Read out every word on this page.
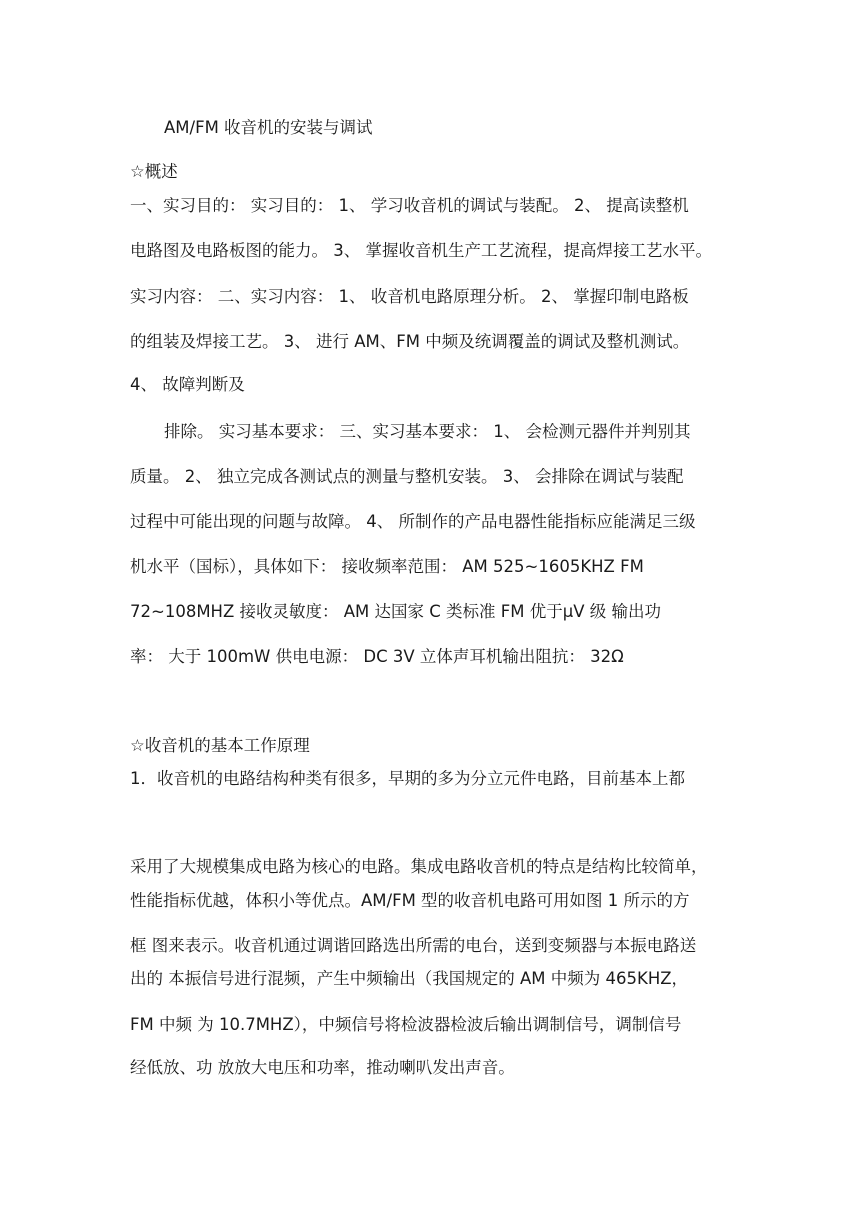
AM/FM 收音机的安装与调试
☆概述
一、实习目的： 实习目的： 1、 学习收音机的调试与装配。 2、 提高读整机
电路图及电路板图的能力。 3、 掌握收音机生产工艺流程，提高焊接工艺水平。
实习内容： 二、实习内容： 1、 收音机电路原理分析。 2、 掌握印制电路板
的组装及焊接工艺。 3、 进行 AM、FM 中频及统调覆盖的调试及整机测试。
4、 故障判断及
排除。 实习基本要求： 三、实习基本要求： 1、 会检测元器件并判别其
质量。 2、 独立完成各测试点的测量与整机安装。 3、 会排除在调试与装配
过程中可能出现的问题与故障。 4、 所制作的产品电器性能指标应能满足三级
机水平（国标），具体如下： 接收频率范围： AM 525~1605KHZ FM
72~108MHZ 接收灵敏度： AM 达国家 C 类标准 FM 优于μV 级 输出功
率： 大于 100mW 供电电源： DC 3V 立体声耳机输出阻抗： 32Ω
☆收音机的基本工作原理
1．收音机的电路结构种类有很多，早期的多为分立元件电路，目前基本上都
采用了大规模集成电路为核心的电路。集成电路收音机的特点是结构比较简单，
性能指标优越，体积小等优点。AM/FM 型的收音机电路可用如图 1 所示的方
框 图来表示。收音机通过调谐回路选出所需的电台，送到变频器与本振电路送
出的 本振信号进行混频，产生中频输出（我国规定的 AM 中频为 465KHZ，
FM 中频 为 10.7MHZ），中频信号将检波器检波后输出调制信号，调制信号
经低放、功 放放大电压和功率，推动喇叭发出声音。
